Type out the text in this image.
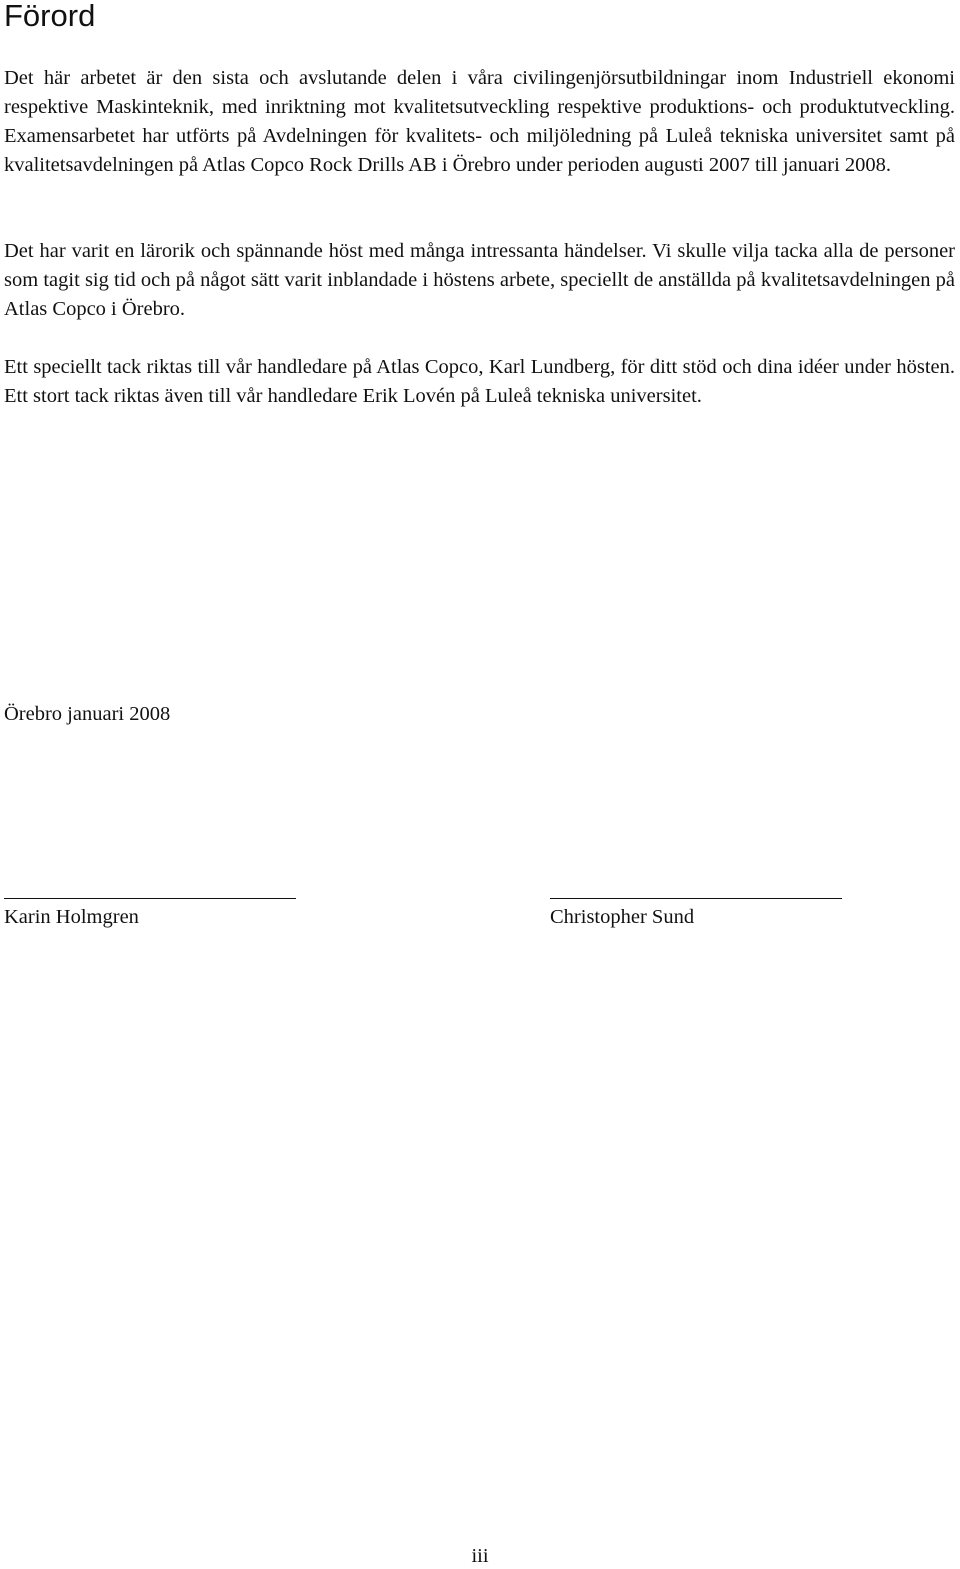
Förord

Det här arbetet är den sista och avslutande delen i våra civilingenjörsutbildningar inom Industriell ekonomi respektive Maskinteknik, med inriktning mot kvalitetsutveckling respektive produktions- och produktutveckling. Examensarbetet har utförts på Avdelningen för kvalitets- och miljöledning på Luleå tekniska universitet samt på kvalitetsavdelningen på Atlas Copco Rock Drills AB i Örebro under perioden augusti 2007 till januari 2008.

Det har varit en lärorik och spännande höst med många intressanta händelser. Vi skulle vilja tacka alla de personer som tagit sig tid och på något sätt varit inblandade i höstens arbete, speciellt de anställda på kvalitetsavdelningen på Atlas Copco i Örebro.

Ett speciellt tack riktas till vår handledare på Atlas Copco, Karl Lundberg, för ditt stöd och dina idéer under hösten. Ett stort tack riktas även till vår handledare Erik Lovén på Luleå tekniska universitet.

Örebro januari 2008

Karin Holmgren	Christopher Sund
iii
